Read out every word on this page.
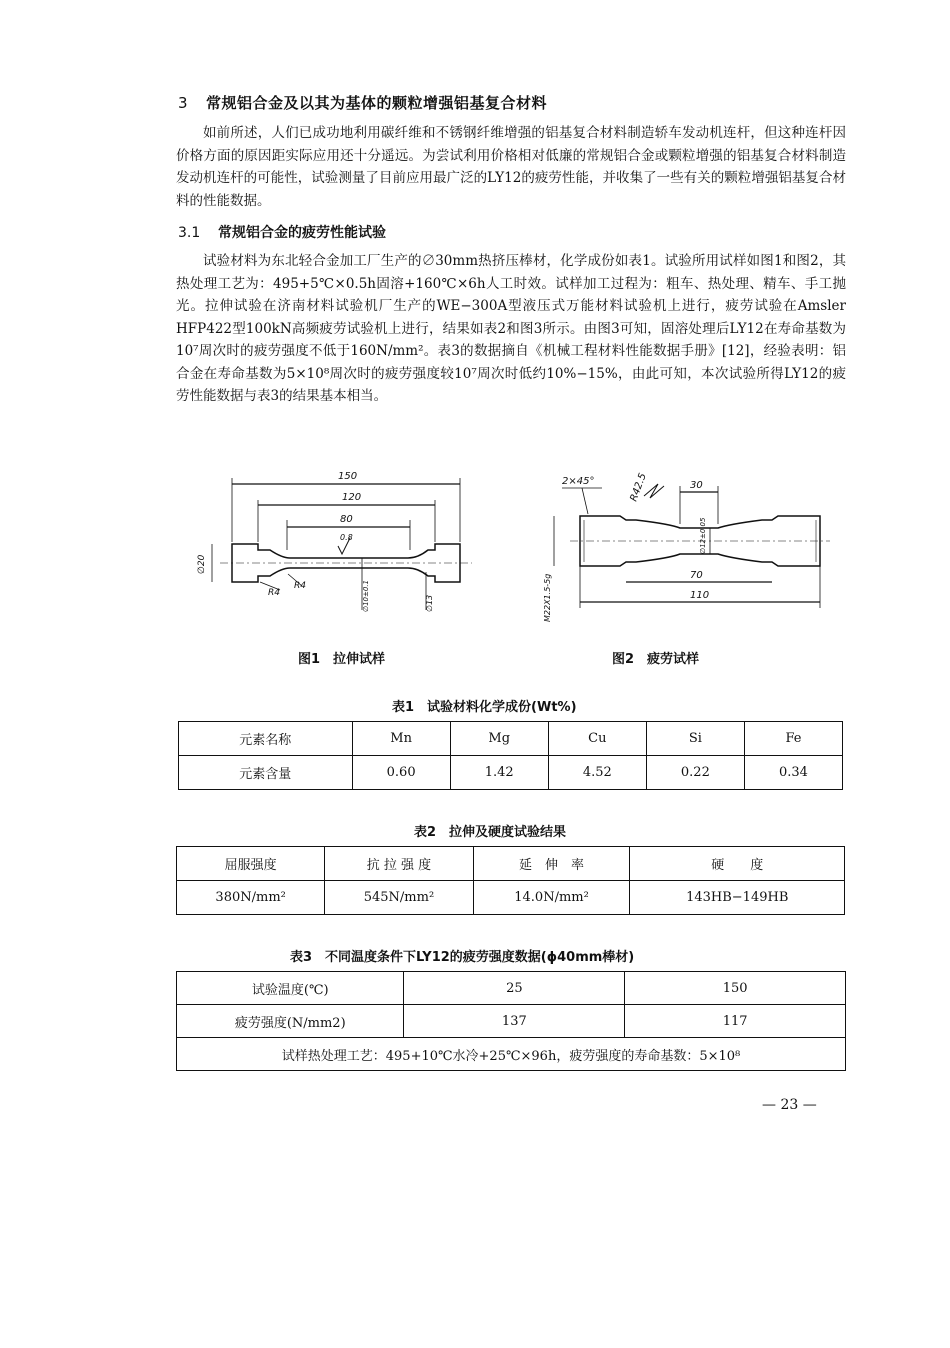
3 常规铝合金及以其为基体的颗粒增强铝基复合材料
如前所述，人们已成功地利用碳纤维和不锈钢纤维增强的铝基复合材料制造轿车发动机连杆，但这种连杆因价格方面的原因距实际应用还十分遥远。为尝试利用价格相对低廉的常规铝合金或颗粒增强的铝基复合材料制造发动机连杆的可能性，试验测量了目前应用最广泛的LY12的疲劳性能，并收集了一些有关的颗粒增强铝基复合材料的性能数据。
3.1 常规铝合金的疲劳性能试验
试验材料为东北轻合金加工厂生产的∅30mm热挤压棒材，化学成份如表1。试验所用试样如图1和图2，其热处理工艺为：495+5℃×0.5h固溶+160℃×6h人工时效。试样加工过程为：粗车、热处理、精车、手工抛光。拉伸试验在济南材料试验机厂生产的WE−300A型液压式万能材料试验机上进行，疲劳试验在Amsler HFP422型100kN高频疲劳试验机上进行，结果如表2和图3所示。由图3可知，固溶处理后LY12在寿命基数为10⁷周次时的疲劳强度不低于160N/mm²。表3的数据摘自《机械工程材料性能数据手册》[12]，经验表明：铝合金在寿命基数为5×10⁸周次时的疲劳强度较10⁷周次时低约10%−15%，由此可知，本次试验所得LY12的疲劳性能数据与表3的结果基本相当。
150
120
80
∅20
0.8
R4
R4	∅10±0.1	∅13
2×45°	R42.5	30
∅12±0.05
70
110
M22X1.5-5g
图1　拉伸试样	图2　疲劳试样
表1　试验材料化学成份(Wt%)
元素名称	Mn	Mg	Cu	Si	Fe
元素含量	0.60	1.42	4.52	0.22	0.34
表2　拉伸及硬度试验结果
屈服强度	抗 拉 强 度	延　伸　率	硬　　度
380N/mm²	545N/mm²	14.0N/mm²	143HB−149HB
表3　不同温度条件下LY12的疲劳强度数据(ϕ40mm棒材)
试验温度(℃)	25	150
疲劳强度(N/mm2)	137	117
试样热处理工艺：495+10℃水冷+25℃×96h，疲劳强度的寿命基数：5×10⁸		
— 23 —
